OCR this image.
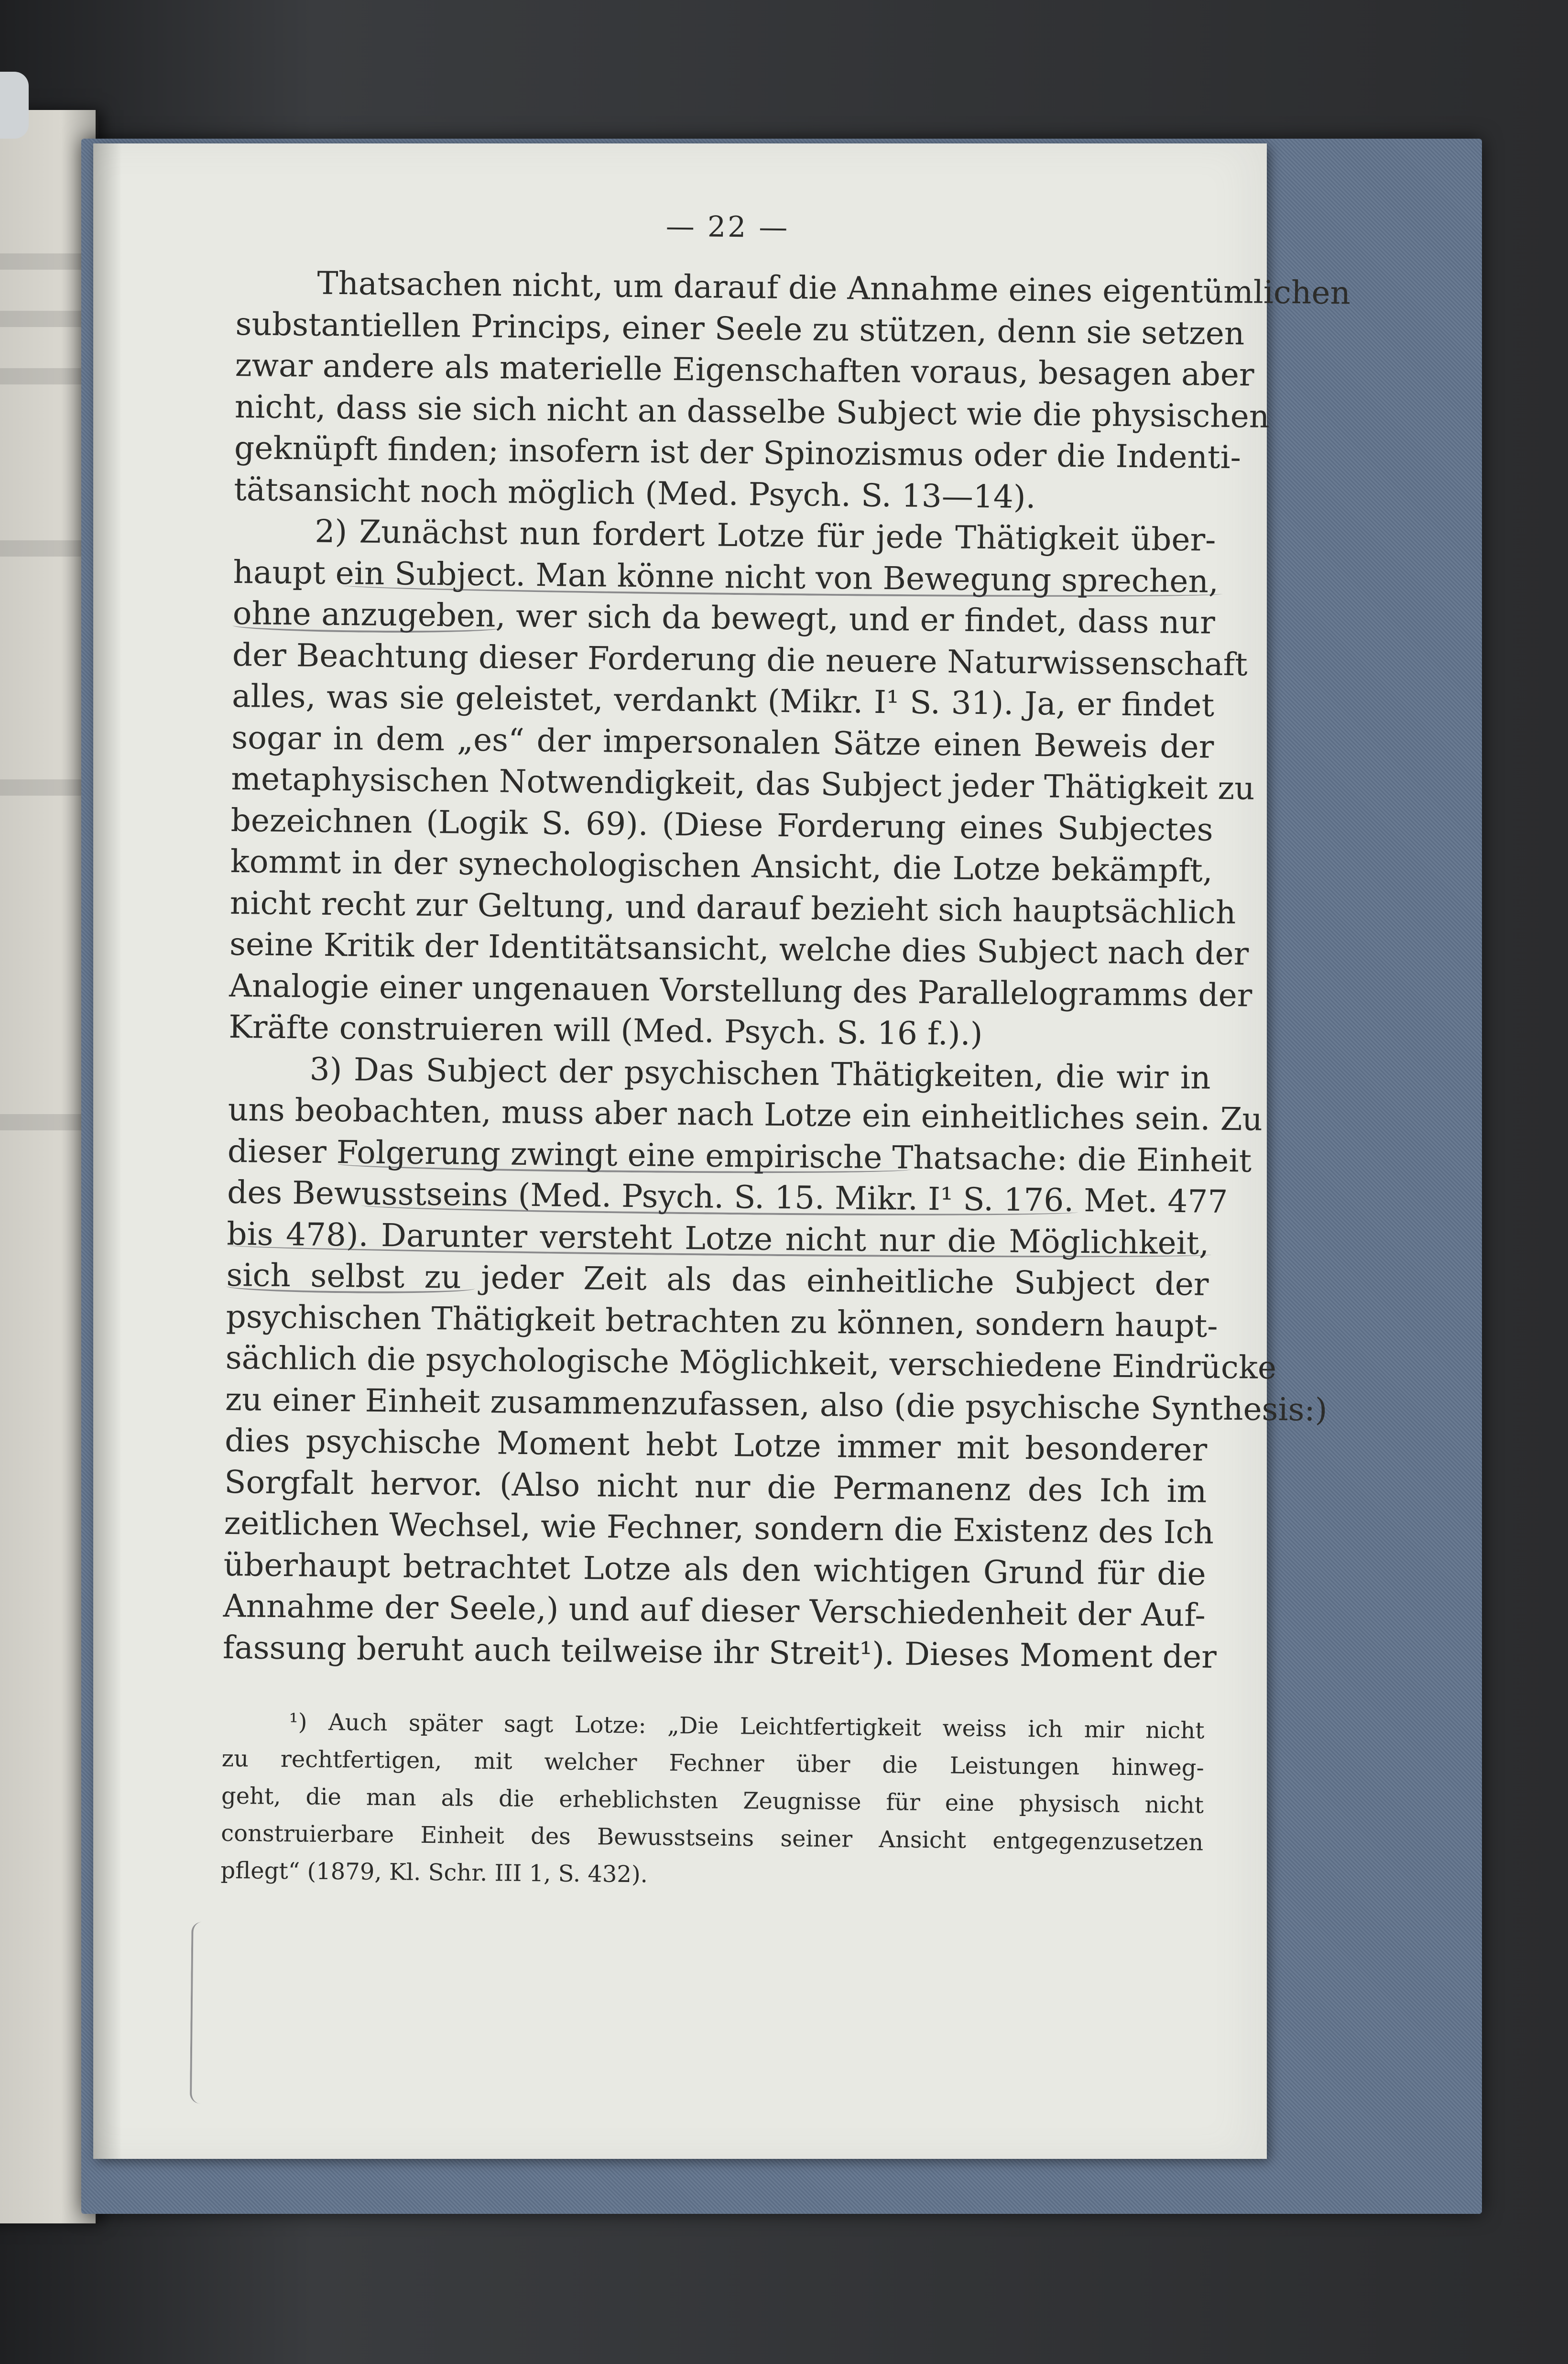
— 22 —
Thatsachen nicht, um darauf die Annahme eines eigentümlichen
substantiellen Princips, einer Seele zu stützen, denn sie setzen
zwar andere als materielle Eigenschaften voraus, besagen aber
nicht, dass sie sich nicht an dasselbe Subject wie die physischen
geknüpft finden; insofern ist der Spinozismus oder die Indenti-
tätsansicht noch möglich (Med. Psych. S. 13—14).
2) Zunächst nun fordert Lotze für jede Thätigkeit über-
haupt ein Subject. Man könne nicht von Bewegung sprechen,
ohne anzugeben, wer sich da bewegt, und er findet, dass nur
der Beachtung dieser Forderung die neuere Naturwissenschaft
alles, was sie geleistet, verdankt (Mikr. I¹ S. 31). Ja, er findet
sogar in dem „es“ der impersonalen Sätze einen Beweis der
metaphysischen Notwendigkeit, das Subject jeder Thätigkeit zu
bezeichnen (Logik S. 69). (Diese Forderung eines Subjectes
kommt in der synechologischen Ansicht, die Lotze bekämpft,
nicht recht zur Geltung, und darauf bezieht sich hauptsächlich
seine Kritik der Identitätsansicht, welche dies Subject nach der
Analogie einer ungenauen Vorstellung des Parallelogramms der
Kräfte construieren will (Med. Psych. S. 16 f.).)
3) Das Subject der psychischen Thätigkeiten, die wir in
uns beobachten, muss aber nach Lotze ein einheitliches sein. Zu
dieser Folgerung zwingt eine empirische Thatsache: die Einheit
des Bewusstseins (Med. Psych. S. 15. Mikr. I¹ S. 176. Met. 477
bis 478). Darunter versteht Lotze nicht nur die Möglichkeit,
sich selbst zu jeder Zeit als das einheitliche Subject der
psychischen Thätigkeit betrachten zu können, sondern haupt-
sächlich die psychologische Möglichkeit, verschiedene Eindrücke
zu einer Einheit zusammenzufassen, also (die psychische Synthesis:)
dies psychische Moment hebt Lotze immer mit besonderer
Sorgfalt hervor. (Also nicht nur die Permanenz des Ich im
zeitlichen Wechsel, wie Fechner, sondern die Existenz des Ich
überhaupt betrachtet Lotze als den wichtigen Grund für die
Annahme der Seele,) und auf dieser Verschiedenheit der Auf-
fassung beruht auch teilweise ihr Streit¹). Dieses Moment der
¹) Auch später sagt Lotze: „Die Leichtfertigkeit weiss ich mir nicht
zu rechtfertigen, mit welcher Fechner über die Leistungen hinweg-
geht, die man als die erheblichsten Zeugnisse für eine physisch nicht
construierbare Einheit des Bewusstseins seiner Ansicht entgegenzusetzen
pflegt“ (1879, Kl. Schr. III 1, S. 432).
